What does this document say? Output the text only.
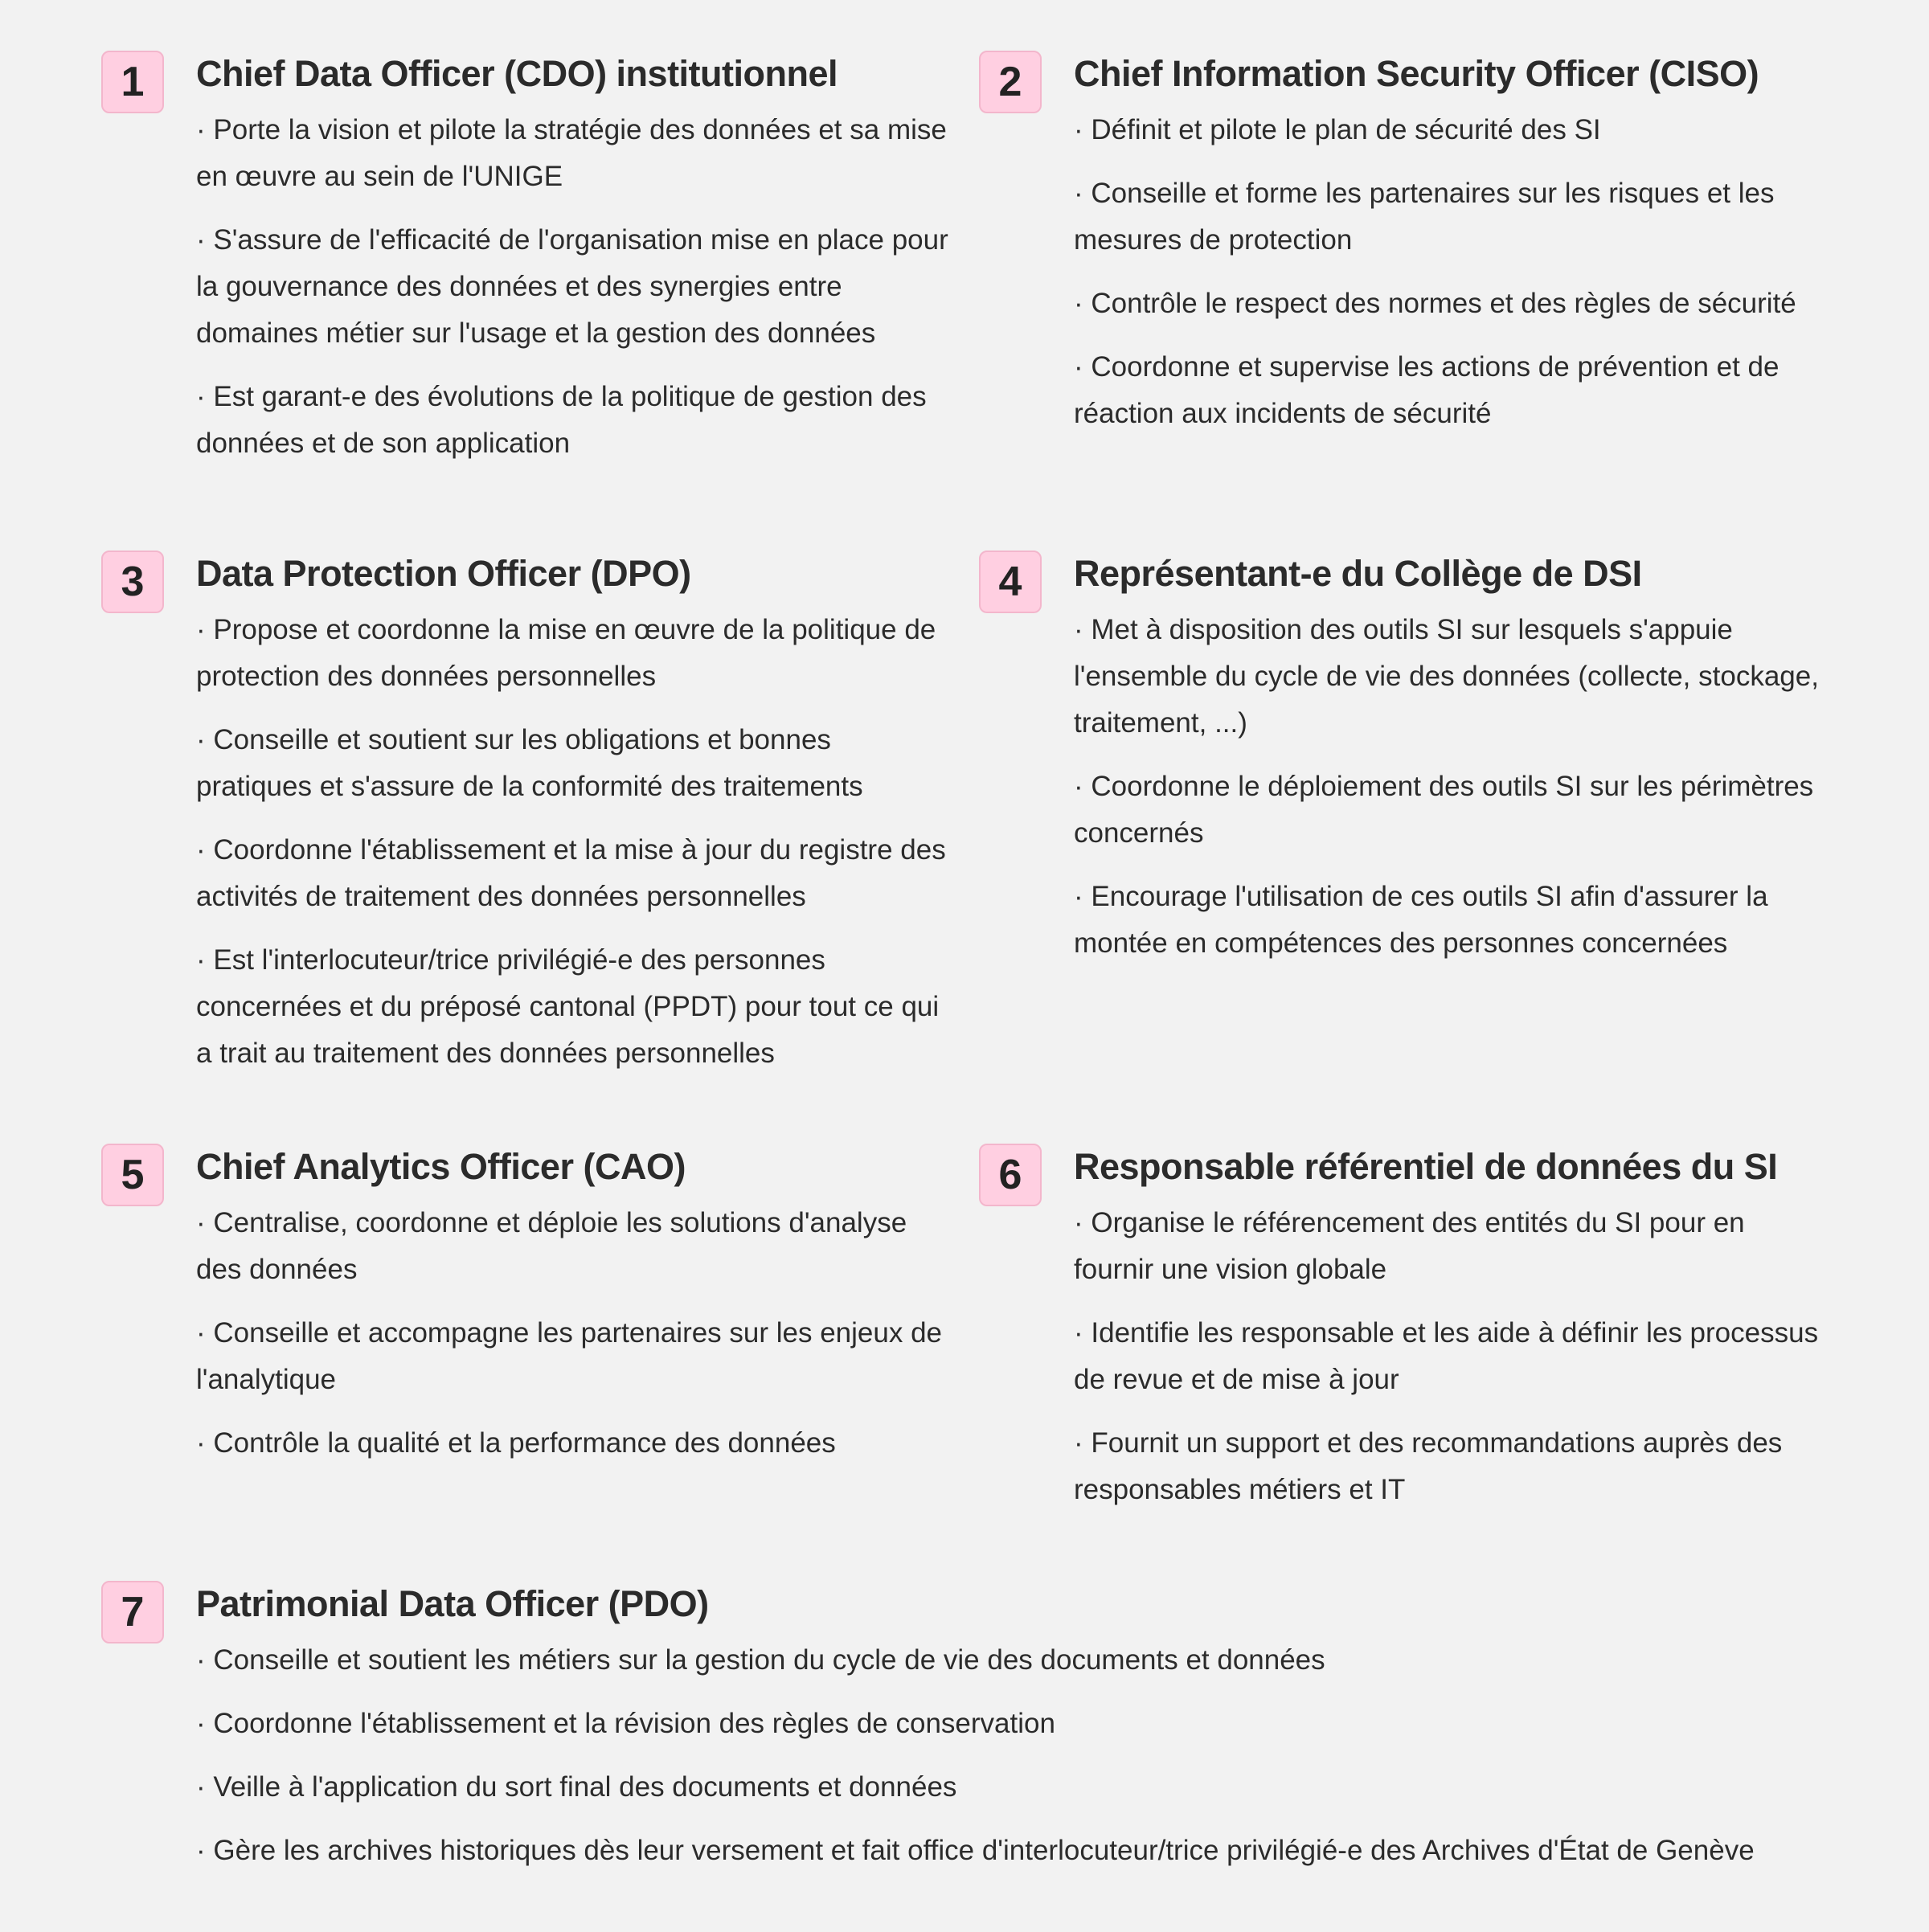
1	Chief Data Officer (CDO) institutionnel
· Porte la vision et pilote la stratégie des données et sa mise en œuvre au sein de l'UNIGE
· S'assure de l'efficacité de l'organisation mise en place pour la gouvernance des données et des synergies entre domaines métier sur l'usage et la gestion des données
· Est garant-e des évolutions de la politique de gestion des données et de son application
2	Chief Information Security Officer (CISO)
· Définit et pilote le plan de sécurité des SI
· Conseille et forme les partenaires sur les risques et les mesures de protection
· Contrôle le respect des normes et des règles de sécurité
· Coordonne et supervise les actions de prévention et de réaction aux incidents de sécurité
3	Data Protection Officer (DPO)
· Propose et coordonne la mise en œuvre de la politique de protection des données personnelles
· Conseille et soutient sur les obligations et bonnes pratiques et s'assure de la conformité des traitements
· Coordonne l'établissement et la mise à jour du registre des activités de traitement des données personnelles
· Est l'interlocuteur/trice privilégié-e des personnes concernées et du préposé cantonal (PPDT) pour tout ce qui a trait au traitement des données personnelles
4	Représentant-e du Collège de DSI
· Met à disposition des outils SI sur lesquels s'appuie l'ensemble du cycle de vie des données (collecte, stockage, traitement, ...)
· Coordonne le déploiement des outils SI sur les périmètres concernés
· Encourage l'utilisation de ces outils SI afin d'assurer la montée en compétences des personnes concernées
5	Chief Analytics Officer (CAO)
· Centralise, coordonne et déploie les solutions d'analyse des données
· Conseille et accompagne les partenaires sur les enjeux de l'analytique
· Contrôle la qualité et la performance des données
6	Responsable référentiel de données du SI
· Organise le référencement des entités du SI pour en fournir une vision globale
· Identifie les responsable et les aide à définir les processus de revue et de mise à jour
· Fournit un support et des recommandations auprès des responsables métiers et IT
7	Patrimonial Data Officer (PDO)
· Conseille et soutient les métiers sur la gestion du cycle de vie des documents et données
· Coordonne l'établissement et la révision des règles de conservation
· Veille à l'application du sort final des documents et données
· Gère les archives historiques dès leur versement et fait office d'interlocuteur/trice privilégié-e des Archives d'État de Genève
